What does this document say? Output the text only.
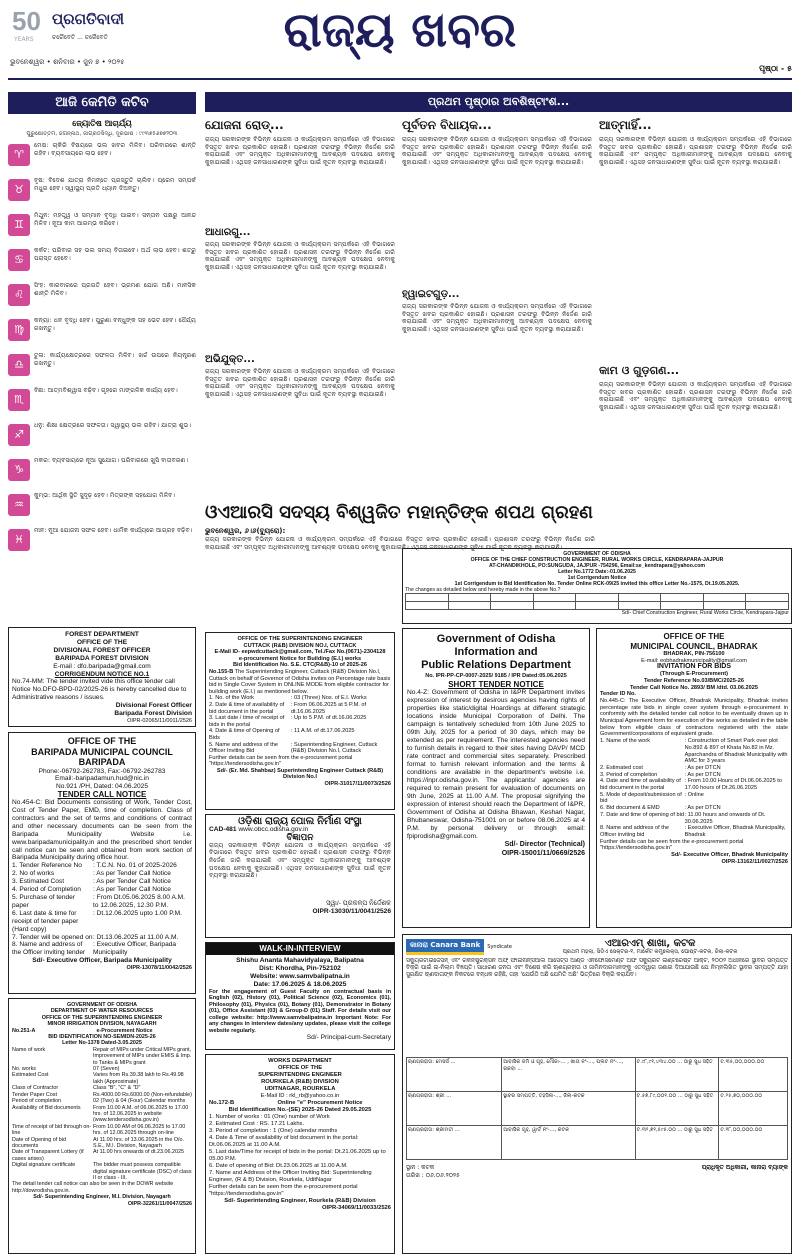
50
YEARS
ପ୍ରଗତିବାଦୀ
ଚରୈବେତି ... ଚରୈବେତି
ଭୁବନେଶ୍ୱର • ଶନିବାର • ଜୁନ ୭ • ୨୦୨୫
ରାଜ୍ୟ ଖବର
ପୃଷ୍ଠା - ୫
ଆଜି କେମିତି କଟିବ
ଜ୍ୟୋତିଷ ଆଚାର୍ଯ୍ୟ
ପୁରୁଷୋତ୍ତମ, ଜଗନ୍ନାଥ, ଜାଗ୍ରତସିଦ୍ଧି, ଦୂରଭାଷ : ୯୯୩୭୫୬୭୭୨୦୩
♈
ମେଷ: ଚାକିରି ବିଷୟରେ ଭଲ ଖବର ମିଳିବ। ପରିବାରରେ ଶାନ୍ତି ରହିବ। ବ୍ୟବସାୟରେ ଲାଭ ହେବ।
♉
ବୃଷ: ବିଦେଶ ଯାତ୍ରା ନିମନ୍ତେ ପ୍ରସ୍ତୁତି ଚାଲିବ। ପ୍ରେମ ସମ୍ପର୍କ ମଧୁର ହେବ। ସ୍ୱାସ୍ଥ୍ୟ ପ୍ରତି ଧ୍ୟାନ ଦିଅନ୍ତୁ।
♊
ମିଥୁନ: ମହତ୍ତ୍ୱ ଓ ସମ୍ମାନ ବୃଦ୍ଧି ପାଇବ। ସନ୍ତାନ ପକ୍ଷରୁ ଆନନ୍ଦ ମିଳିବ। ନୂଆ କାମ ଆରମ୍ଭ କରିବେ।
♋
କର୍କଟ: ପରିବାର ସହ ଭଲ ସମୟ ବିତାଇବେ। ଅର୍ଥ ଲାଭ ହେବ। ଶତ୍ରୁ ପରାସ୍ତ ହେବେ।
♌
ସିଂହ: କାରବାରରେ ପ୍ରଗତି ହେବ। ଭ୍ରମଣ ଯୋଗ ଅଛି। ମାନସିକ ଶାନ୍ତି ମିଳିବ।
♍
କନ୍ୟା: ଧନ ବୃଦ୍ଧି ହେବ। ପୁରୁଣା ବନ୍ଧୁଙ୍କ ସହ ଭେଟ ହେବ। ଧୈର୍ଯ୍ୟ ରଖନ୍ତୁ।
♎
ତୁଳା: କାର୍ଯ୍ୟକ୍ଷେତ୍ରରେ ସଫଳତା ମିଳିବ। ଖର୍ଚ୍ଚ ଉପରେ ନିୟନ୍ତ୍ରଣ ରଖନ୍ତୁ।
♏
ବିଛା: ଆତ୍ମବିଶ୍ୱାସ ବଢ଼ିବ। ଗୃହରେ ମାଙ୍ଗଳିକ କାର୍ଯ୍ୟ ହେବ।
♐
ଧନୁ: ଶିକ୍ଷା କ୍ଷେତ୍ରରେ ସଫଳତା। ସ୍ୱାସ୍ଥ୍ୟ ଭଲ ରହିବ। ଯାତ୍ରା ଶୁଭ।
♑
ମକର: ବ୍ୟବସାୟରେ ନୂଆ ସୁଯୋଗ। ପରିବାରରେ ଖୁସି ବାତାବରଣ।
♒
କୁମ୍ଭ: ଆର୍ଥିକ ସ୍ଥିତି ସୁଦୃଢ଼ ହେବ। ମିତ୍ରଙ୍କ ସହଯୋଗ ମିଳିବ।
♓
ମୀନ: ନୂଆ ଯୋଜନା ସଫଳ ହେବ। ଧାର୍ମିକ କାର୍ଯ୍ୟରେ ଆଗ୍ରହ ବଢ଼ିବ।
FOREST DEPARTMENT
OFFICE OF THE
DIVISIONAL FOREST OFFICER
BARIPADA FOREST DIVISION
E-mail : dfo.baripada@gmail.com
CORRIGENDUM NOTICE NO.1
No.74-MM: The tender invited vide this office tender call Notice No.DFO-BPD-02/2025-26 is hereby cancelled due to Administrative reasons / issues.
Divisional Forest Officer
Baripada Forest Division
OIPR-02065/11/0011/2526
OFFICE OF THE
BARIPADA MUNICIPAL COUNCIL
BARIPADA
Phone:-06792-262783, Fax:-06792-262783
Email:-baripadamun.hud@nic.in
No.921 /PH, Dated: 04.06.2025
TENDER CALL NOTICE
No.454-C: Bid Documents consisting of Work, Tender Cost, Cost of Tender Paper, EMD, time of completion. Class of contractors and the set of terms and conditions of contract and other necessary documents can be seen from the Baripada Municipality Website i.e. www.baripadamunicipality.in and the prescribed short tender call notice can be seen and obtained from work section of Baripada Municipality during office hour.
1. Tender Reference No	: T.C.N. No. 01 of 2025-2026
2. No of works	: As per Tender Call Notice
3. Estimated Cost	: As per Tender Call Notice
4. Period of Completion	: As per Tender Call Notice
5. Purchase of tender paper
: From Dt.05.06.2025 8.00 A.M. to 12.06.2025, 12.30 P.M.
6. Last date & time for receipt of tender paper (Hard copy)
: Dt.12.06.2025 upto 1.00 P.M.
7. Tender will be opened on : Dt.13.06.2025 at 11.00 A.M.
8. Name and address of the Officer inviting tender
: Executive Officer, Baripada Municipality
Sd/- Executive Officer, Baripada Municipality
OIPR-13078/11/0042/2526
GOVERNMENT OF ODISHA
DEPARTMENT OF WATER RESOURCES
OFFICE OF THE SUPERINTENDING ENGINEER
MINOR IRRIGATION DIVISION, NAYAGARH
No.251-A	e-Procurement Notice
BID IDENTIFICATION NO-SEMIDN-2025-26
Letter No-1378 Dated-3.05.2025
Name of work	Repair of MIPs under Critical MIPs grant, Improvement of MIPs under EMIS & Imp. to Tanks & MIPs grant
No. works	07 (Seven)
Estimated Cost	Varies from Rs.39.38 lakh to Rs.49.98 lakh (Approximate)
Class of Contractor	Class "B", "C" & "D"
Tender Paper Cost	Rs.4000.00 Rs.6000.00 (Non-refundable)
Period of completion	02 (Two) & 04 (Four) Calendar months
Availability of Bid documents	From 10.00 A.M. of 06.06.2025 to 17.00 hrs. of 12.06.2025 in website (www.tendersodisha.gov.in)
Time of receipt of bid through on-line
From 10.00 AM of 06.06.2025 to 17.00 hrs. of 12.06.2025 through on-line
Date of Opening of bid documents
At 11.00 hrs. of 13.06.2025 in the O/o. S.E., M.I. Division, Nayagarh
Date of Transparent Lottery (if cases arises)
At 11.00 hrs onwards of dt.23.06.2025
Digital signature certificate	The bidder must possess compatible digital signature certificate (DSC) of class II or class - III.
The detail tender call notice can also be seen in the DOWR website http://dowrodisha.gov.in.
Sd/- Superintending Engineer, M.I. Division, Nayagarh
OIPR-32261/11/0047/2526
ପ୍ରଥମ ପୃଷ୍ଠାର ଅବଶିଷ୍ଟାଂଶ...
ଯୋଜନା ରୋଡ୍...
ରାଜ୍ୟ ସରକାରଙ୍କ ବିଭିନ୍ନ ଯୋଜନା ଓ କାର୍ଯ୍ୟକ୍ରମ ସମ୍ପର୍କରେ ଏହି ବିଭାଗରେ ବିସ୍ତୃତ ଖବର ପ୍ରକାଶିତ ହୋଇଛି। ପ୍ରଶାସନ ତରଫରୁ ବିଭିନ୍ନ ନିର୍ଦ୍ଦେଶ ଜାରି କରାଯାଇଛି ଏବଂ ସମ୍ପୃକ୍ତ ଅଧିକାରୀମାନଙ୍କୁ ଆବଶ୍ୟକ ପଦକ୍ଷେପ ନେବାକୁ କୁହାଯାଇଛି। ଏଥିସହ ଜନସାଧାରଣଙ୍କ ସୁବିଧା ପାଇଁ ନୂତନ ବ୍ୟବସ୍ଥା କରାଯାଇଛି।
ଆଧାରଗୁ...
ରାଜ୍ୟ ସରକାରଙ୍କ ବିଭିନ୍ନ ଯୋଜନା ଓ କାର୍ଯ୍ୟକ୍ରମ ସମ୍ପର୍କରେ ଏହି ବିଭାଗରେ ବିସ୍ତୃତ ଖବର ପ୍ରକାଶିତ ହୋଇଛି। ପ୍ରଶାସନ ତରଫରୁ ବିଭିନ୍ନ ନିର୍ଦ୍ଦେଶ ଜାରି କରାଯାଇଛି ଏବଂ ସମ୍ପୃକ୍ତ ଅଧିକାରୀମାନଙ୍କୁ ଆବଶ୍ୟକ ପଦକ୍ଷେପ ନେବାକୁ କୁହାଯାଇଛି। ଏଥିସହ ଜନସାଧାରଣଙ୍କ ସୁବିଧା ପାଇଁ ନୂତନ ବ୍ୟବସ୍ଥା କରାଯାଇଛି।
ଅଭିଯୁକ୍ତ...
ରାଜ୍ୟ ସରକାରଙ୍କ ବିଭିନ୍ନ ଯୋଜନା ଓ କାର୍ଯ୍ୟକ୍ରମ ସମ୍ପର୍କରେ ଏହି ବିଭାଗରେ ବିସ୍ତୃତ ଖବର ପ୍ରକାଶିତ ହୋଇଛି। ପ୍ରଶାସନ ତରଫରୁ ବିଭିନ୍ନ ନିର୍ଦ୍ଦେଶ ଜାରି କରାଯାଇଛି ଏବଂ ସମ୍ପୃକ୍ତ ଅଧିକାରୀମାନଙ୍କୁ ଆବଶ୍ୟକ ପଦକ୍ଷେପ ନେବାକୁ କୁହାଯାଇଛି। ଏଥିସହ ଜନସାଧାରଣଙ୍କ ସୁବିଧା ପାଇଁ ନୂତନ ବ୍ୟବସ୍ଥା କରାଯାଇଛି।
ପୂର୍ବତନ ବିଧାୟକ...
ରାଜ୍ୟ ସରକାରଙ୍କ ବିଭିନ୍ନ ଯୋଜନା ଓ କାର୍ଯ୍ୟକ୍ରମ ସମ୍ପର୍କରେ ଏହି ବିଭାଗରେ ବିସ୍ତୃତ ଖବର ପ୍ରକାଶିତ ହୋଇଛି। ପ୍ରଶାସନ ତରଫରୁ ବିଭିନ୍ନ ନିର୍ଦ୍ଦେଶ ଜାରି କରାଯାଇଛି ଏବଂ ସମ୍ପୃକ୍ତ ଅଧିକାରୀମାନଙ୍କୁ ଆବଶ୍ୟକ ପଦକ୍ଷେପ ନେବାକୁ କୁହାଯାଇଛି। ଏଥିସହ ଜନସାଧାରଣଙ୍କ ସୁବିଧା ପାଇଁ ନୂତନ ବ୍ୟବସ୍ଥା କରାଯାଇଛି।
ହ୍ୱାଇଟଗୁଡ଼...
ରାଜ୍ୟ ସରକାରଙ୍କ ବିଭିନ୍ନ ଯୋଜନା ଓ କାର୍ଯ୍ୟକ୍ରମ ସମ୍ପର୍କରେ ଏହି ବିଭାଗରେ ବିସ୍ତୃତ ଖବର ପ୍ରକାଶିତ ହୋଇଛି। ପ୍ରଶାସନ ତରଫରୁ ବିଭିନ୍ନ ନିର୍ଦ୍ଦେଶ ଜାରି କରାଯାଇଛି ଏବଂ ସମ୍ପୃକ୍ତ ଅଧିକାରୀମାନଙ୍କୁ ଆବଶ୍ୟକ ପଦକ୍ଷେପ ନେବାକୁ କୁହାଯାଇଛି। ଏଥିସହ ଜନସାଧାରଣଙ୍କ ସୁବିଧା ପାଇଁ ନୂତନ ବ୍ୟବସ୍ଥା କରାଯାଇଛି।
ଆତ୍ମାହିଁ...
ରାଜ୍ୟ ସରକାରଙ୍କ ବିଭିନ୍ନ ଯୋଜନା ଓ କାର୍ଯ୍ୟକ୍ରମ ସମ୍ପର୍କରେ ଏହି ବିଭାଗରେ ବିସ୍ତୃତ ଖବର ପ୍ରକାଶିତ ହୋଇଛି। ପ୍ରଶାସନ ତରଫରୁ ବିଭିନ୍ନ ନିର୍ଦ୍ଦେଶ ଜାରି କରାଯାଇଛି ଏବଂ ସମ୍ପୃକ୍ତ ଅଧିକାରୀମାନଙ୍କୁ ଆବଶ୍ୟକ ପଦକ୍ଷେପ ନେବାକୁ କୁହାଯାଇଛି। ଏଥିସହ ଜନସାଧାରଣଙ୍କ ସୁବିଧା ପାଇଁ ନୂତନ ବ୍ୟବସ୍ଥା କରାଯାଇଛି।
କାମ ଓ ଗୁଡ଼ଗଣ...
ରାଜ୍ୟ ସରକାରଙ୍କ ବିଭିନ୍ନ ଯୋଜନା ଓ କାର୍ଯ୍ୟକ୍ରମ ସମ୍ପର୍କରେ ଏହି ବିଭାଗରେ ବିସ୍ତୃତ ଖବର ପ୍ରକାଶିତ ହୋଇଛି। ପ୍ରଶାସନ ତରଫରୁ ବିଭିନ୍ନ ନିର୍ଦ୍ଦେଶ ଜାରି କରାଯାଇଛି ଏବଂ ସମ୍ପୃକ୍ତ ଅଧିକାରୀମାନଙ୍କୁ ଆବଶ୍ୟକ ପଦକ୍ଷେପ ନେବାକୁ କୁହାଯାଇଛି। ଏଥିସହ ଜନସାଧାରଣଙ୍କ ସୁବିଧା ପାଇଁ ନୂତନ ବ୍ୟବସ୍ଥା କରାଯାଇଛି।
ଓଏଆରସି ସଦସ୍ୟ ବିଶ୍ୱଜିତ ମହାନ୍ତିଙ୍କ ଶପଥ ଗ୍ରହଣ
ଭୁବନେଶ୍ୱର, ୬।୬(ବ୍ୟୁରୋ):
ରାଜ୍ୟ ସରକାରଙ୍କ ବିଭିନ୍ନ ଯୋଜନା ଓ କାର୍ଯ୍ୟକ୍ରମ ସମ୍ପର୍କରେ ଏହି ବିଭାଗରେ ବିସ୍ତୃତ ଖବର ପ୍ରକାଶିତ ହୋଇଛି। ପ୍ରଶାସନ ତରଫରୁ ବିଭିନ୍ନ ନିର୍ଦ୍ଦେଶ ଜାରି କରାଯାଇଛି ଏବଂ ସମ୍ପୃକ୍ତ ଅଧିକାରୀମାନଙ୍କୁ ଆବଶ୍ୟକ ପଦକ୍ଷେପ ନେବାକୁ କୁହାଯାଇଛି। ଏଥିସହ ଜନସାଧାରଣଙ୍କ ସୁବିଧା ପାଇଁ ନୂତନ ବ୍ୟବସ୍ଥା କରାଯାଇଛି।
GOVERNMENT OF ODISHA
OFFICE OF THE CHIEF CONSTRUCTION ENGINEER, RURAL WORKS CIRCLE, KENDRAPARA-JAJPUR
AT-CHANDIKHOLE, PO:SUNGUDA, JAJPUR -754296, Email:se_kendrapara@yahoo.com
Letter No.1772 Date:-01.06.2025
1st Corrigendum Notice
1st Corrigendum to Bid Identification No. Tender Online RCK-09/25 invited this office Letter No.-1575, Dt.19.05.2025.
The changes as detailed below and hereby made in the above No.?

Sd/- Chief Construction Engineer, Rural Works Circle, Kendrapara-Jajpur
OFFICE OF THE SUPERINTENDING ENGINEER
CUTTACK (R&B) DIVISION NO.I, CUTTACK
E-Mail ID- eepwdcuttack@gmail.com, Tel./Fax No.(0671)-2304128
e-procurement Notice for Building (E.I.) works
Bid Identification No. S.E. CTC(R&B)-10 of 2025-26
No.155-B The Superintending Engineer, Cuttack (R&B) Division No.I, Cuttack on behalf of Governor of Odisha invites on Percentage rate basis bid in Single Cover System in ONLINE MODE from eligible contractor for building work (E.I.) as mentioned below.
1. No. of the Work	: 03 (Three) Nos. of E.I. Works
2. Date & time of availability of bid document in the portal
: From 06.06.2025 at 5 P.M. of dt.16.06.2025
3. Last date / time of receipt of bids in the portal
: Up to 5 P.M. of dt.16.06.2025
4. Date & time of Opening of Bids
: 11 A.M. of dt.17.06.2025
5. Name and address of the Officer Inviting Bid
: Superintending Engineer, Cuttack (R&B) Division No.I, Cuttack
Further details can be seen from the e-procurement portal "https://tendersodisha.gov.in"
Sd/- (Er. Md. Shahbaz) Superintending Engineer Cuttack (R&B) Division No.I
OIPR-31017/11/0073/2526
ଓଡ଼ିଶା ରାଜ୍ୟ ପୋଲ ନିର୍ମାଣ ସଂସ୍ଥା
CAD-481
www.obcc.odisha.gov.in
ବିଜ୍ଞାପନ
ରାଜ୍ୟ ସରକାରଙ୍କ ବିଭିନ୍ନ ଯୋଜନା ଓ କାର୍ଯ୍ୟକ୍ରମ ସମ୍ପର୍କରେ ଏହି ବିଭାଗରେ ବିସ୍ତୃତ ଖବର ପ୍ରକାଶିତ ହୋଇଛି। ପ୍ରଶାସନ ତରଫରୁ ବିଭିନ୍ନ ନିର୍ଦ୍ଦେଶ ଜାରି କରାଯାଇଛି ଏବଂ ସମ୍ପୃକ୍ତ ଅଧିକାରୀମାନଙ୍କୁ ଆବଶ୍ୟକ ପଦକ୍ଷେପ ନେବାକୁ କୁହାଯାଇଛି। ଏଥିସହ ଜନସାଧାରଣଙ୍କ ସୁବିଧା ପାଇଁ ନୂତନ ବ୍ୟବସ୍ଥା କରାଯାଇଛି।
ସ୍ୱା/- ପ୍ରକଳ୍ପ ନିର୍ଦ୍ଦେଶକ
OIPR-13030/11/0041/2526
WALK-IN-INTERVIEW
Shishu Ananta Mahavidyalaya, Balipatna
Dist: Khordha, Pin-752102
Website: www.samvbalipatna.in
Date: 17.06.2025 & 18.06.2025
For the engagement of Guest Faculty on contractual basis in English (02), History (01), Political Science (02), Economics (01), Philosophy (01), Physics (01), Botany (01), Demonstrator in Botany (01), Office Assistant (03) & Group-D (01) Staff. For details visit our college website: http://www.samvbalipatna.in Important Note: For any changes in interview dates/any updates, please visit the college website regularly.
Sd/- Principal-cum-Secretary
WORKS DEPARTMENT
OFFICE OF THE
SUPERINTENDING ENGINEER
ROURKELA (R&B) DIVISION
UDITNAGAR, ROURKELA
E-Mail ID : rkl_rb@yahoo.co.in
No.172-B	Online "e" Procurement Notice
Bid Identification No.-(SE) 2025-26 Dated 29.05.2025
1. Number of works : 01 (One) number of Work
2. Estimated Cost : RS. 17.21 Lakhs.
3. Period of completion : 1 (One) calendar months
4. Date & Time of availability of bid document in the portal: Dt.06.06.2025 at 11.00 A.M.
5. Last date/Time for receipt of bids in the portal: Dt.21.06.2025 up to 05.00 P.M.
6. Date of opening of Bid: Dt.23.06.2025 at 11.00 A.M.
7. Name and Address of the Officer Inviting Bid: Superintending Engineer, (R & B) Division, Rourkela, UditNagar
Further details can be seen from the e-procurement portal "https://tendersodisha.gov.in"
Sd/- Superintending Engineer, Rourkela (R&B) Division
OIPR-34069/11/0033/2526
Government of Odisha
Information and
Public Relations Department
No. IPR-PP-CP-0007-2025/ 9185 / IPR Dated:05.06.2025
SHORT TENDER NOTICE
No.4-Z: Government of Odisha in I&PR Department invites expression of interest by desirous agencies having rights of properties like static/digital Hoardings at different strategic locations inside Municipal Corporation of Delhi. The campaign is tentatively scheduled from 10th June 2025 to 09th July, 2025 for a period of 30 days, which may be extended as per requirement. The interested agencies need to furnish details in regard to their sites having DAVP/ MCD rate contract and commercial sites separately. Prescribed format to furnish relevant information and the terms & conditions are available in the department's website i.e. https://inpr.odisha.gov.in. The applicants/ agencies are required to remain present for evaluation of documents on 9th June, 2025 at 11.00 A.M. The proposal signifying the expression of interest should reach the Department of I&PR, Government of Odisha at Odisha Bhawan, Keshari Nagar, Bhubaneswar, Odisha-751001 on or before 08.06.2025 at 4 P.M. by personal delivery or through email: fpiprodisha@gmail.com.
Sd/- Director (Technical)
OIPR-15001/11/0669/2526
OFFICE OF THE
MUNICIPAL COUNCIL, BHADRAK
BHADRAK, PIN-756100
E-mail: eobhadrakmunicipality@gmail.com
INVITATION FOR BIDS
(Through E-Procurement)
Tender Reference No.03/BMC/2025-26
Tender Call Notice No. 2893/ BM /dtd. 03.06.2025
Tender ID No.
No.445-C: The Executive Officer, Bhadrak Municipality, Bhadrak invites percentage rate bids in single cover system through e-procurement in conformity with the detailed tender call notice to be eventually drawn up in Municipal Agreement form for execution of the works as detailed in the table below from eligible class of contractors registered with the state Government/corporations of equivalent grade.
1. Name of the work	: Construction of Smart Park over plot No.892 & 897 of Khata No.82 in Mz. Aparchandra of Bhadrak Municipality with AMC for 3 years
2. Estimated cost	: As per DTCN
3. Period of completion	: As per DTCN
4. Date and time of availability of bid document in the portal
: From 10.00 Hours of Dt.06.06.2025 to 17.00 hours of Dt.26.06.2025
5. Mode of deposit/submission of bid
: Online
6. Bid document & EMD	: As per DTCN
7. Date and time of opening of bid : 11.00 hours and onwards of Dt. 30.06.2025
8. Name and address of the Officer inviting bid
: Executive Officer, Bhadrak Municipality, Bhadrak
Further details can be seen from the e-procurement portal "https://tendersodisha.gov.in"
Sd/- Executive Officer, Bhadrak Municipality
OIPR-13162/11/0027/2526
କାନାରା Canara Bank	Syndicate	ଏଆରଏମ୍ ଶାଖା, କଟକ
ପ୍ରଥମ ମହଲା, ସିଡିଏ ସେକ୍ଟର-୧, ମାର୍କେଟ କମ୍ପ୍ଲେକ୍ସ, ପୋଷ୍ଟ-କଟକ, ଜିଲା-କଟକ
ସିକ୍ୟୁରିଟାଇଜେସନ୍ ଏବଂ ରିକନଷ୍ଟ୍ରକ୍ସନ ଅଫ୍ ଫାଇନାନ୍ସିଆଲ ଆସେଟ୍ସ ଆଣ୍ଡ ଏନଫୋର୍ସମେଣ୍ଟ ଅଫ ସିକ୍ୟୁରିଟି ଇଣ୍ଟରେଷ୍ଟ ଆକ୍ଟ, ୨୦୦୨ ଅଧୀନରେ ସ୍ଥାବର ସମ୍ପତ୍ତି ବିକ୍ରି ପାଇଁ ଇ-ନିଲାମ ବିଜ୍ଞପ୍ତି। ସାଧାରଣ ଜନତା ଏବଂ ବିଶେଷ କରି ଋଣଗ୍ରହୀତା ଓ ଜାମିନଦାରମାନଙ୍କୁ ଏତଦ୍ୱାରା ଜଣାଇ ଦିଆଯାଉଛି ଯେ ନିମ୍ନଲିଖିତ ସ୍ଥାବର ସମ୍ପତ୍ତି ଯାହା ସୁରକ୍ଷିତ ଋଣଦାତାଙ୍କ ନିକଟରେ ବନ୍ଧକ ରହିଛି, ତାହା 'ଯେଉଁଠି ଅଛି ଯେମିତି ଅଛି' ଭିତ୍ତିରେ ବିକ୍ରି କରାଯିବ।
ଋଣଗ୍ରହୀତା: ମେସର୍ସ ...	ଆବାସିକ ଜମି ଓ ଗୃହ, ମୌଜା-... , ଖାତା ନଂ-..., ପ୍ଲଟ ନଂ-..., ରକବା ...	ଟ.୯୮,୯୧,୪୩୪.୦୦ ... ଠାରୁ ସୁଧ ସହିତ	ଟ.୩୫,୦୦,୦୦୦.୦୦
ଋଣଗ୍ରହୀତା: ଶ୍ରୀ ...	ସ୍ଥାବର ସମ୍ପତ୍ତି, ତହସିଲ-..., ଜିଲା-କଟକ	ଟ.୫୭,୮୯,୦୦୧.୦୦ ... ଠାରୁ ସୁଧ ସହିତ	ଟ.୨୫,୭୦,୦୦୦.୦୦
ଋଣଗ୍ରହୀତା: ଶ୍ରୀମତୀ ...	ଆବାସିକ ଗୃହ, ୱାର୍ଡ ନଂ-..., କଟକ	ଟ.୩୨,୭୧,୫୯୫.୦୦ ... ଠାରୁ ସୁଧ ସହିତ	ଟ.୧୮,୦୦,୦୦୦.୦୦
ସ୍ଥାନ : କଟକ
ତାରିଖ : ୦୬.୦୬.୨୦୨୫
ପ୍ରାଧିକୃତ ଅଧିକାରୀ, କାନାରା ବ୍ୟାଙ୍କ
